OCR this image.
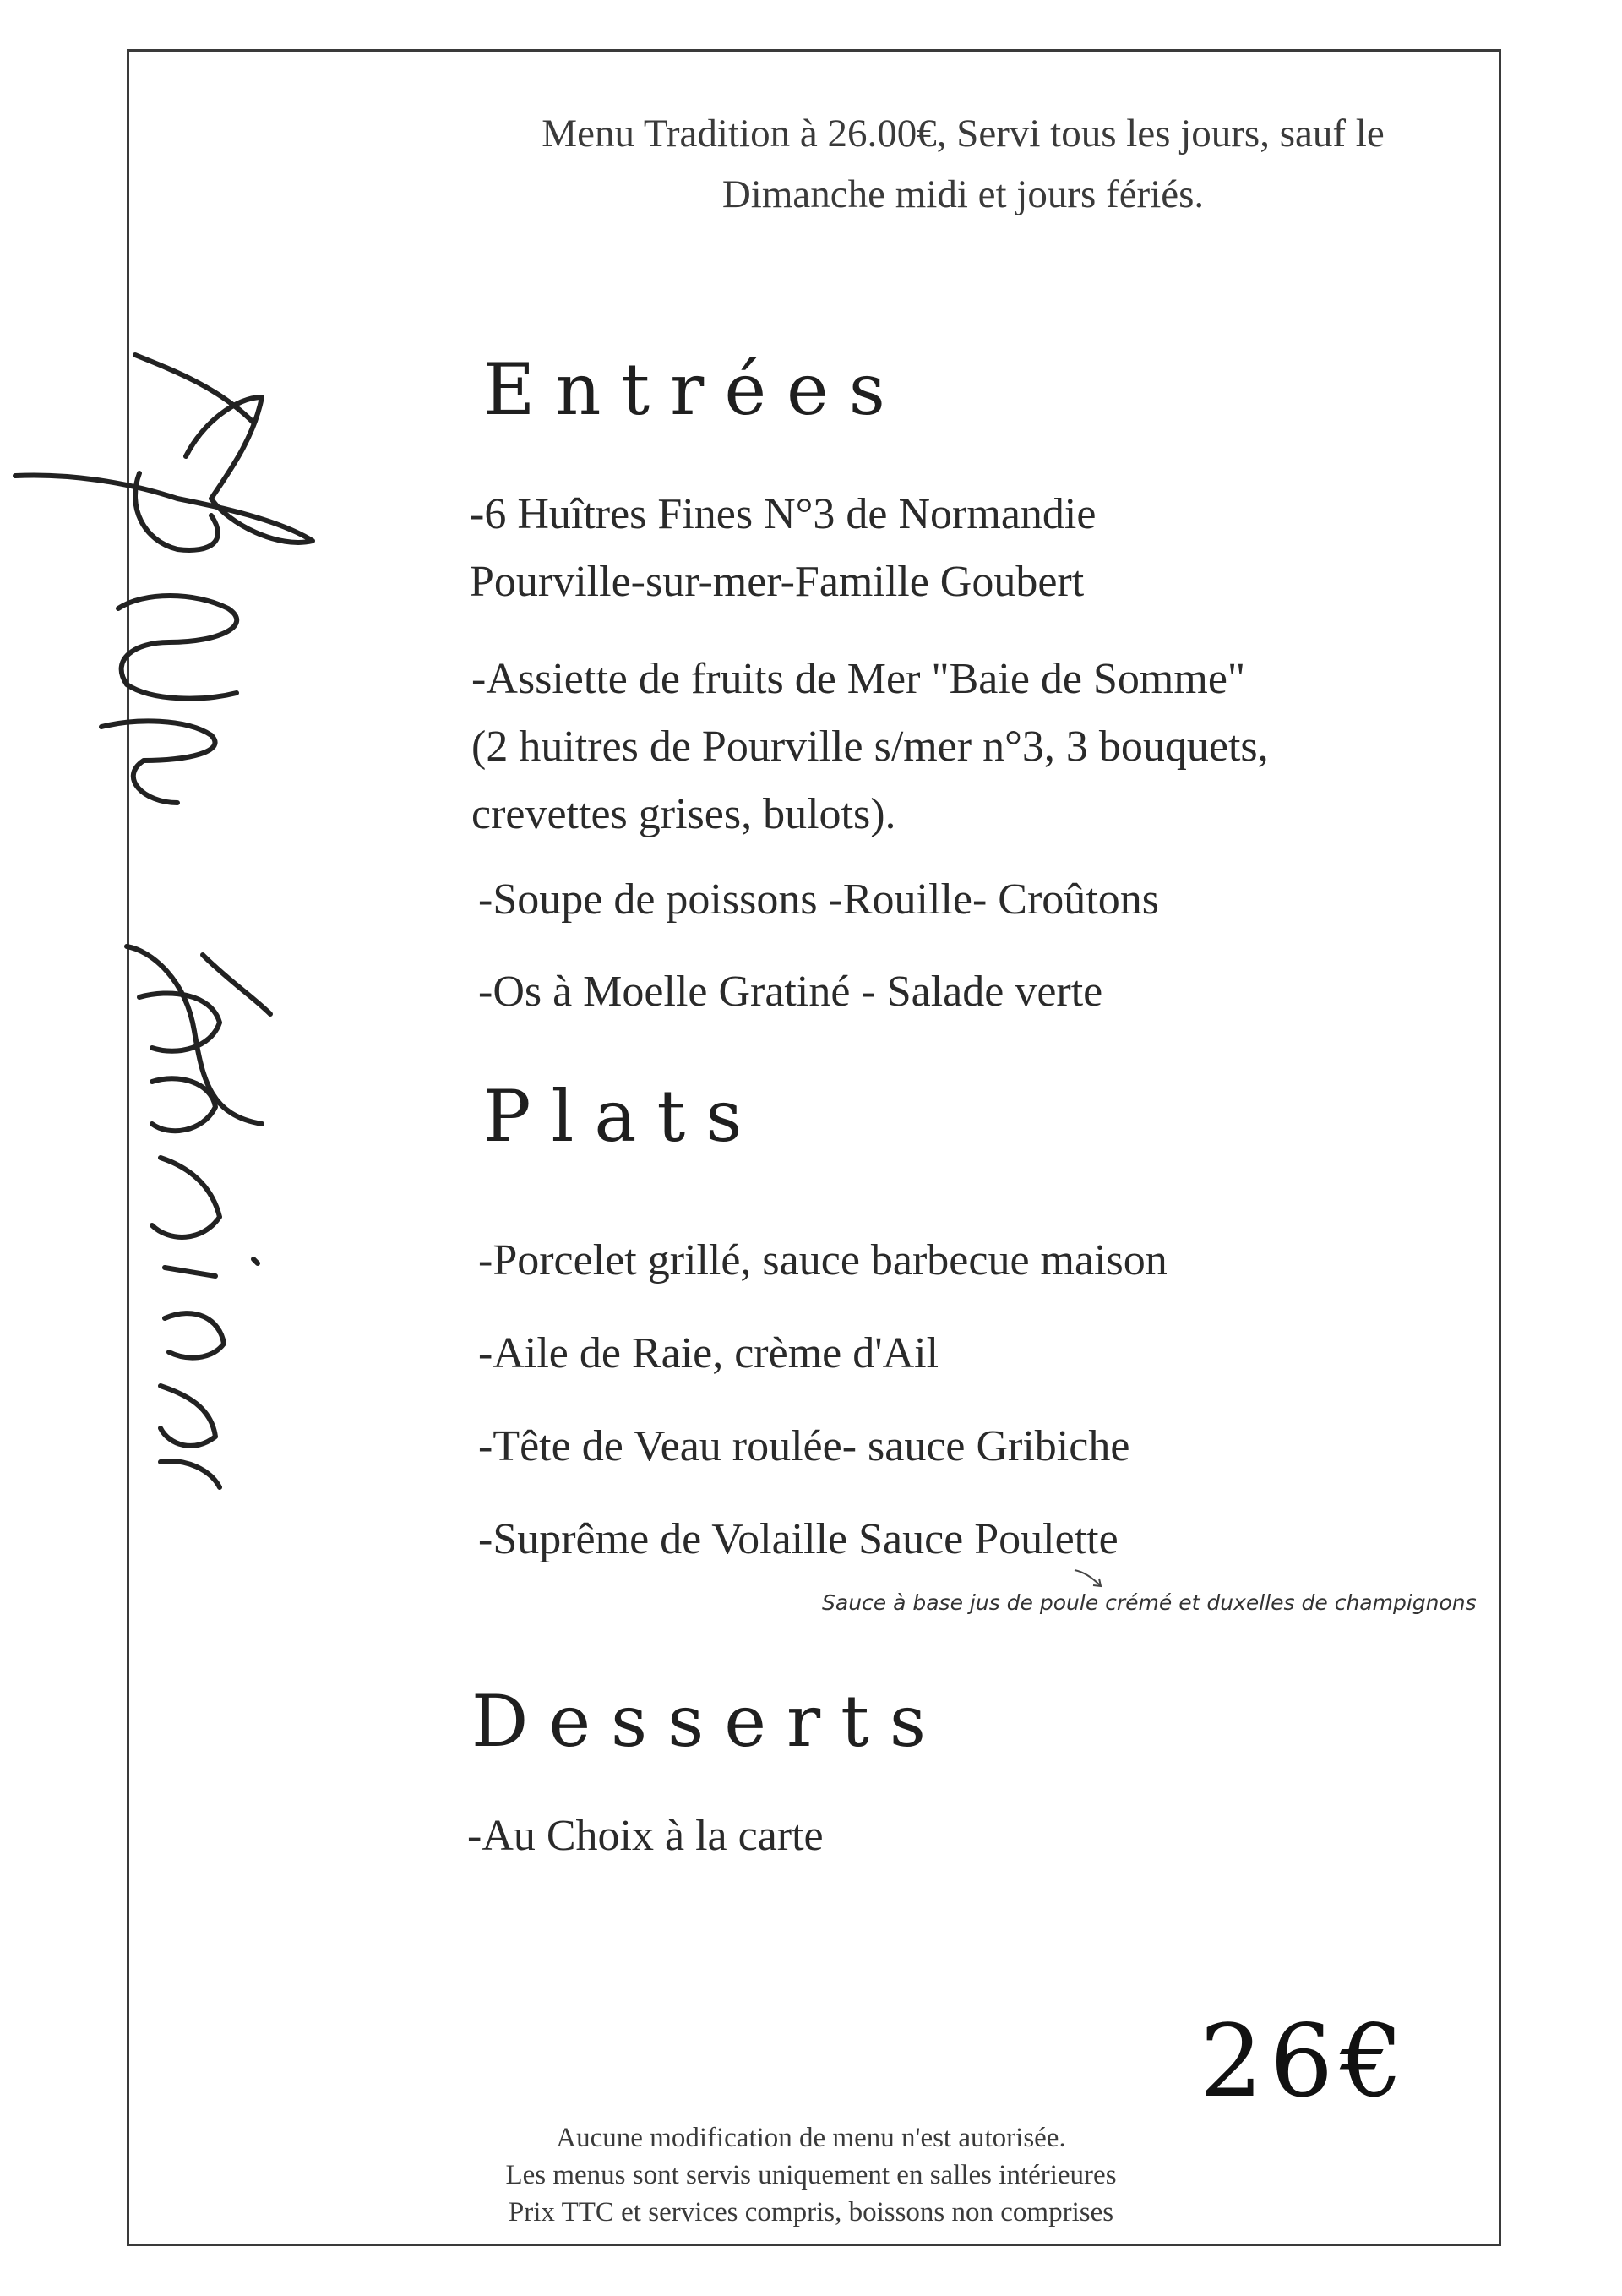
Menu Tradition à 26.00€, Servi tous les jours, sauf le
Dimanche midi et jours fériés.
Entrées
-6 Huîtres Fines N°3 de Normandie
Pourville-sur-mer-Famille Goubert
-Assiette de fruits de Mer "Baie de Somme"
(2 huitres de Pourville s/mer n°3, 3 bouquets,
crevettes grises, bulots).
-Soupe de poissons -Rouille- Croûtons
-Os à Moelle Gratiné - Salade verte
Plats
-Porcelet grillé, sauce barbecue maison
-Aile de Raie, crème d'Ail
-Tête de Veau roulée- sauce Gribiche
-Suprême de Volaille Sauce Poulette
Sauce à base jus de poule crémé et duxelles de champignons
Desserts
-Au Choix à la carte
26€
Aucune modification de menu n'est autorisée.
Les menus sont servis uniquement en salles intérieures
Prix TTC et services compris, boissons non comprises
